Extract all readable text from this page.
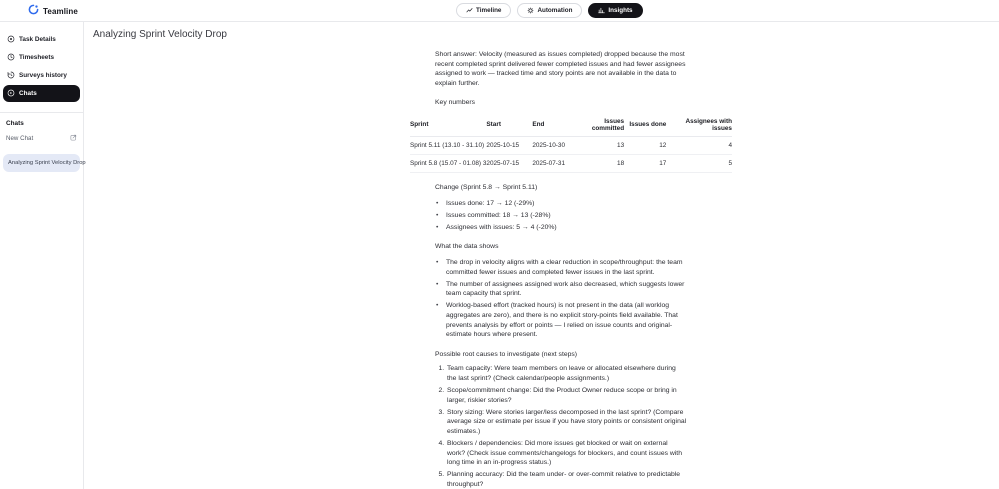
Teamline	Timeline	Automation	Insights
Task Details
Timesheets
Surveys history
Chats
Chats
New Chat
Analyzing Sprint Velocity Drop
Analyzing Sprint Velocity Drop

Short answer: Velocity (measured as issues completed) dropped because the most recent completed sprint delivered fewer completed issues and had fewer assignees assigned to work — tracked time and story points are not available in the data to explain further.

Key numbers

Sprint	Start	End	Issues committed	Issues done	Assignees with issues
Sprint 5.11 (13.10 - 31.10)	2025-10-15	2025-10-30	13	12	4
Sprint 5.8 (15.07 - 01.08) 3	2025-07-15	2025-07-31	18	17	5

Change (Sprint 5.8 → Sprint 5.11)

• Issues done: 17 → 12 (-29%)
• Issues committed: 18 → 13 (-28%)
• Assignees with issues: 5 → 4 (-20%)

What the data shows

• The drop in velocity aligns with a clear reduction in scope/throughput: the team committed fewer issues and completed fewer issues in the last sprint.
• The number of assignees assigned work also decreased, which suggests lower team capacity that sprint.
• Worklog-based effort (tracked hours) is not present in the data (all worklog aggregates are zero), and there is no explicit story-points field available. That prevents analysis by effort or points — I relied on issue counts and original-estimate hours where present.

Possible root causes to investigate (next steps)

1. Team capacity: Were team members on leave or allocated elsewhere during the last sprint? (Check calendar/people assignments.)
2. Scope/commitment change: Did the Product Owner reduce scope or bring in larger, riskier stories?
3. Story sizing: Were stories larger/less decomposed in the last sprint? (Compare average size or estimate per issue if you have story points or consistent original estimates.)
4. Blockers / dependencies: Did more issues get blocked or wait on external work? (Check issue comments/changelogs for blockers, and count issues with long time in an in-progress status.)
5. Planning accuracy: Did the team under- or over-commit relative to predictable throughput?
